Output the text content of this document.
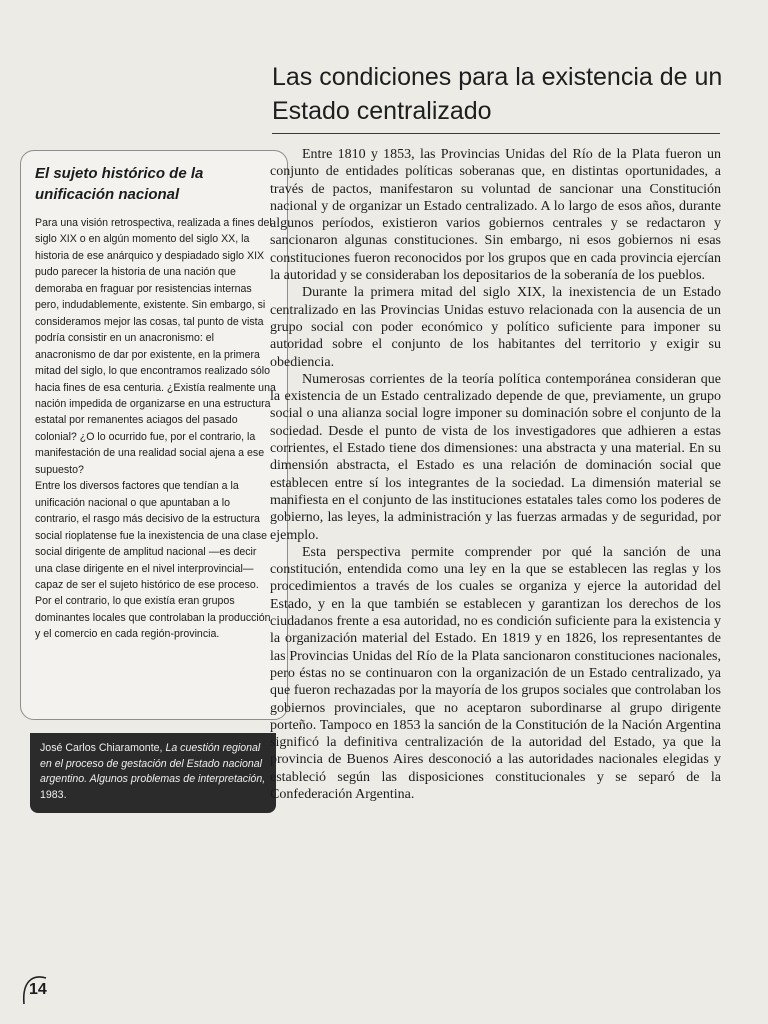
Las condiciones para la existencia de un Estado centralizado
El sujeto histórico de la unificación nacional

Para una visión retrospectiva, realizada a fines del siglo XIX o en algún momento del siglo XX, la historia de ese anárquico y despiadado siglo XIX pudo parecer la historia de una nación que demoraba en fraguar por resistencias internas pero, indudablemente, existente. Sin embargo, si consideramos mejor las cosas, tal punto de vista podría consistir en un anacronismo: el anacronismo de dar por existente, en la primera mitad del siglo, lo que encontramos realizado sólo hacia fines de esa centuria. ¿Existía realmente una nación impedida de organizarse en una estructura estatal por remanentes aciagos del pasado colonial? ¿O lo ocurrido fue, por el contrario, la manifestación de una realidad social ajena a ese supuesto?

Entre los diversos factores que tendían a la unificación nacional o que apuntaban a lo contrario, el rasgo más decisivo de la estructura social rioplatense fue la inexistencia de una clase social dirigente de amplitud nacional —es decir una clase dirigente en el nivel interprovincial— capaz de ser el sujeto histórico de ese proceso. Por el contrario, lo que existía eran grupos dominantes locales que controlaban la producción y el comercio en cada región-provincia.

José Carlos Chiaramonte, La cuestión regional en el proceso de gestación del Estado nacional argentino. Algunos problemas de interpretación, 1983.

Entre 1810 y 1853, las Provincias Unidas del Río de la Plata fueron un conjunto de entidades políticas soberanas que, en distintas oportunidades, a través de pactos, manifestaron su voluntad de sancionar una Constitución nacional y de organizar un Estado centralizado. A lo largo de esos años, durante algunos períodos, existieron varios gobiernos centrales y se redactaron y sancionaron algunas constituciones. Sin embargo, ni esos gobiernos ni esas constituciones fueron reconocidos por los grupos que en cada provincia ejercían la autoridad y se consideraban los depositarios de la soberanía de los pueblos.

Durante la primera mitad del siglo XIX, la inexistencia de un Estado centralizado en las Provincias Unidas estuvo relacionada con la ausencia de un grupo social con poder económico y político suficiente para imponer su autoridad sobre el conjunto de los habitantes del territorio y exigir su obediencia.

Numerosas corrientes de la teoría política contemporánea consideran que la existencia de un Estado centralizado depende de que, previamente, un grupo social o una alianza social logre imponer su dominación sobre el conjunto de la sociedad. Desde el punto de vista de los investigadores que adhieren a estas corrientes, el Estado tiene dos dimensiones: una abstracta y una material. En su dimensión abstracta, el Estado es una relación de dominación social que establecen entre sí los integrantes de la sociedad. La dimensión material se manifiesta en el conjunto de las instituciones estatales tales como los poderes de gobierno, las leyes, la administración y las fuerzas armadas y de seguridad, por ejemplo.

Esta perspectiva permite comprender por qué la sanción de una constitución, entendida como una ley en la que se establecen las reglas y los procedimientos a través de los cuales se organiza y ejerce la autoridad del Estado, y en la que también se establecen y garantizan los derechos de los ciudadanos frente a esa autoridad, no es condición suficiente para la existencia y la organización material del Estado. En 1819 y en 1826, los representantes de las Provincias Unidas del Río de la Plata sancionaron constituciones nacionales, pero éstas no se continuaron con la organización de un Estado centralizado, ya que fueron rechazadas por la mayoría de los grupos sociales que controlaban los gobiernos provinciales, que no aceptaron subordinarse al grupo dirigente porteño. Tampoco en 1853 la sanción de la Constitución de la Nación Argentina significó la definitiva centralización de la autoridad del Estado, ya que la provincia de Buenos Aires desconoció a las autoridades nacionales elegidas y estableció según las disposiciones constitucionales y se separó de la Confederación Argentina.

14
